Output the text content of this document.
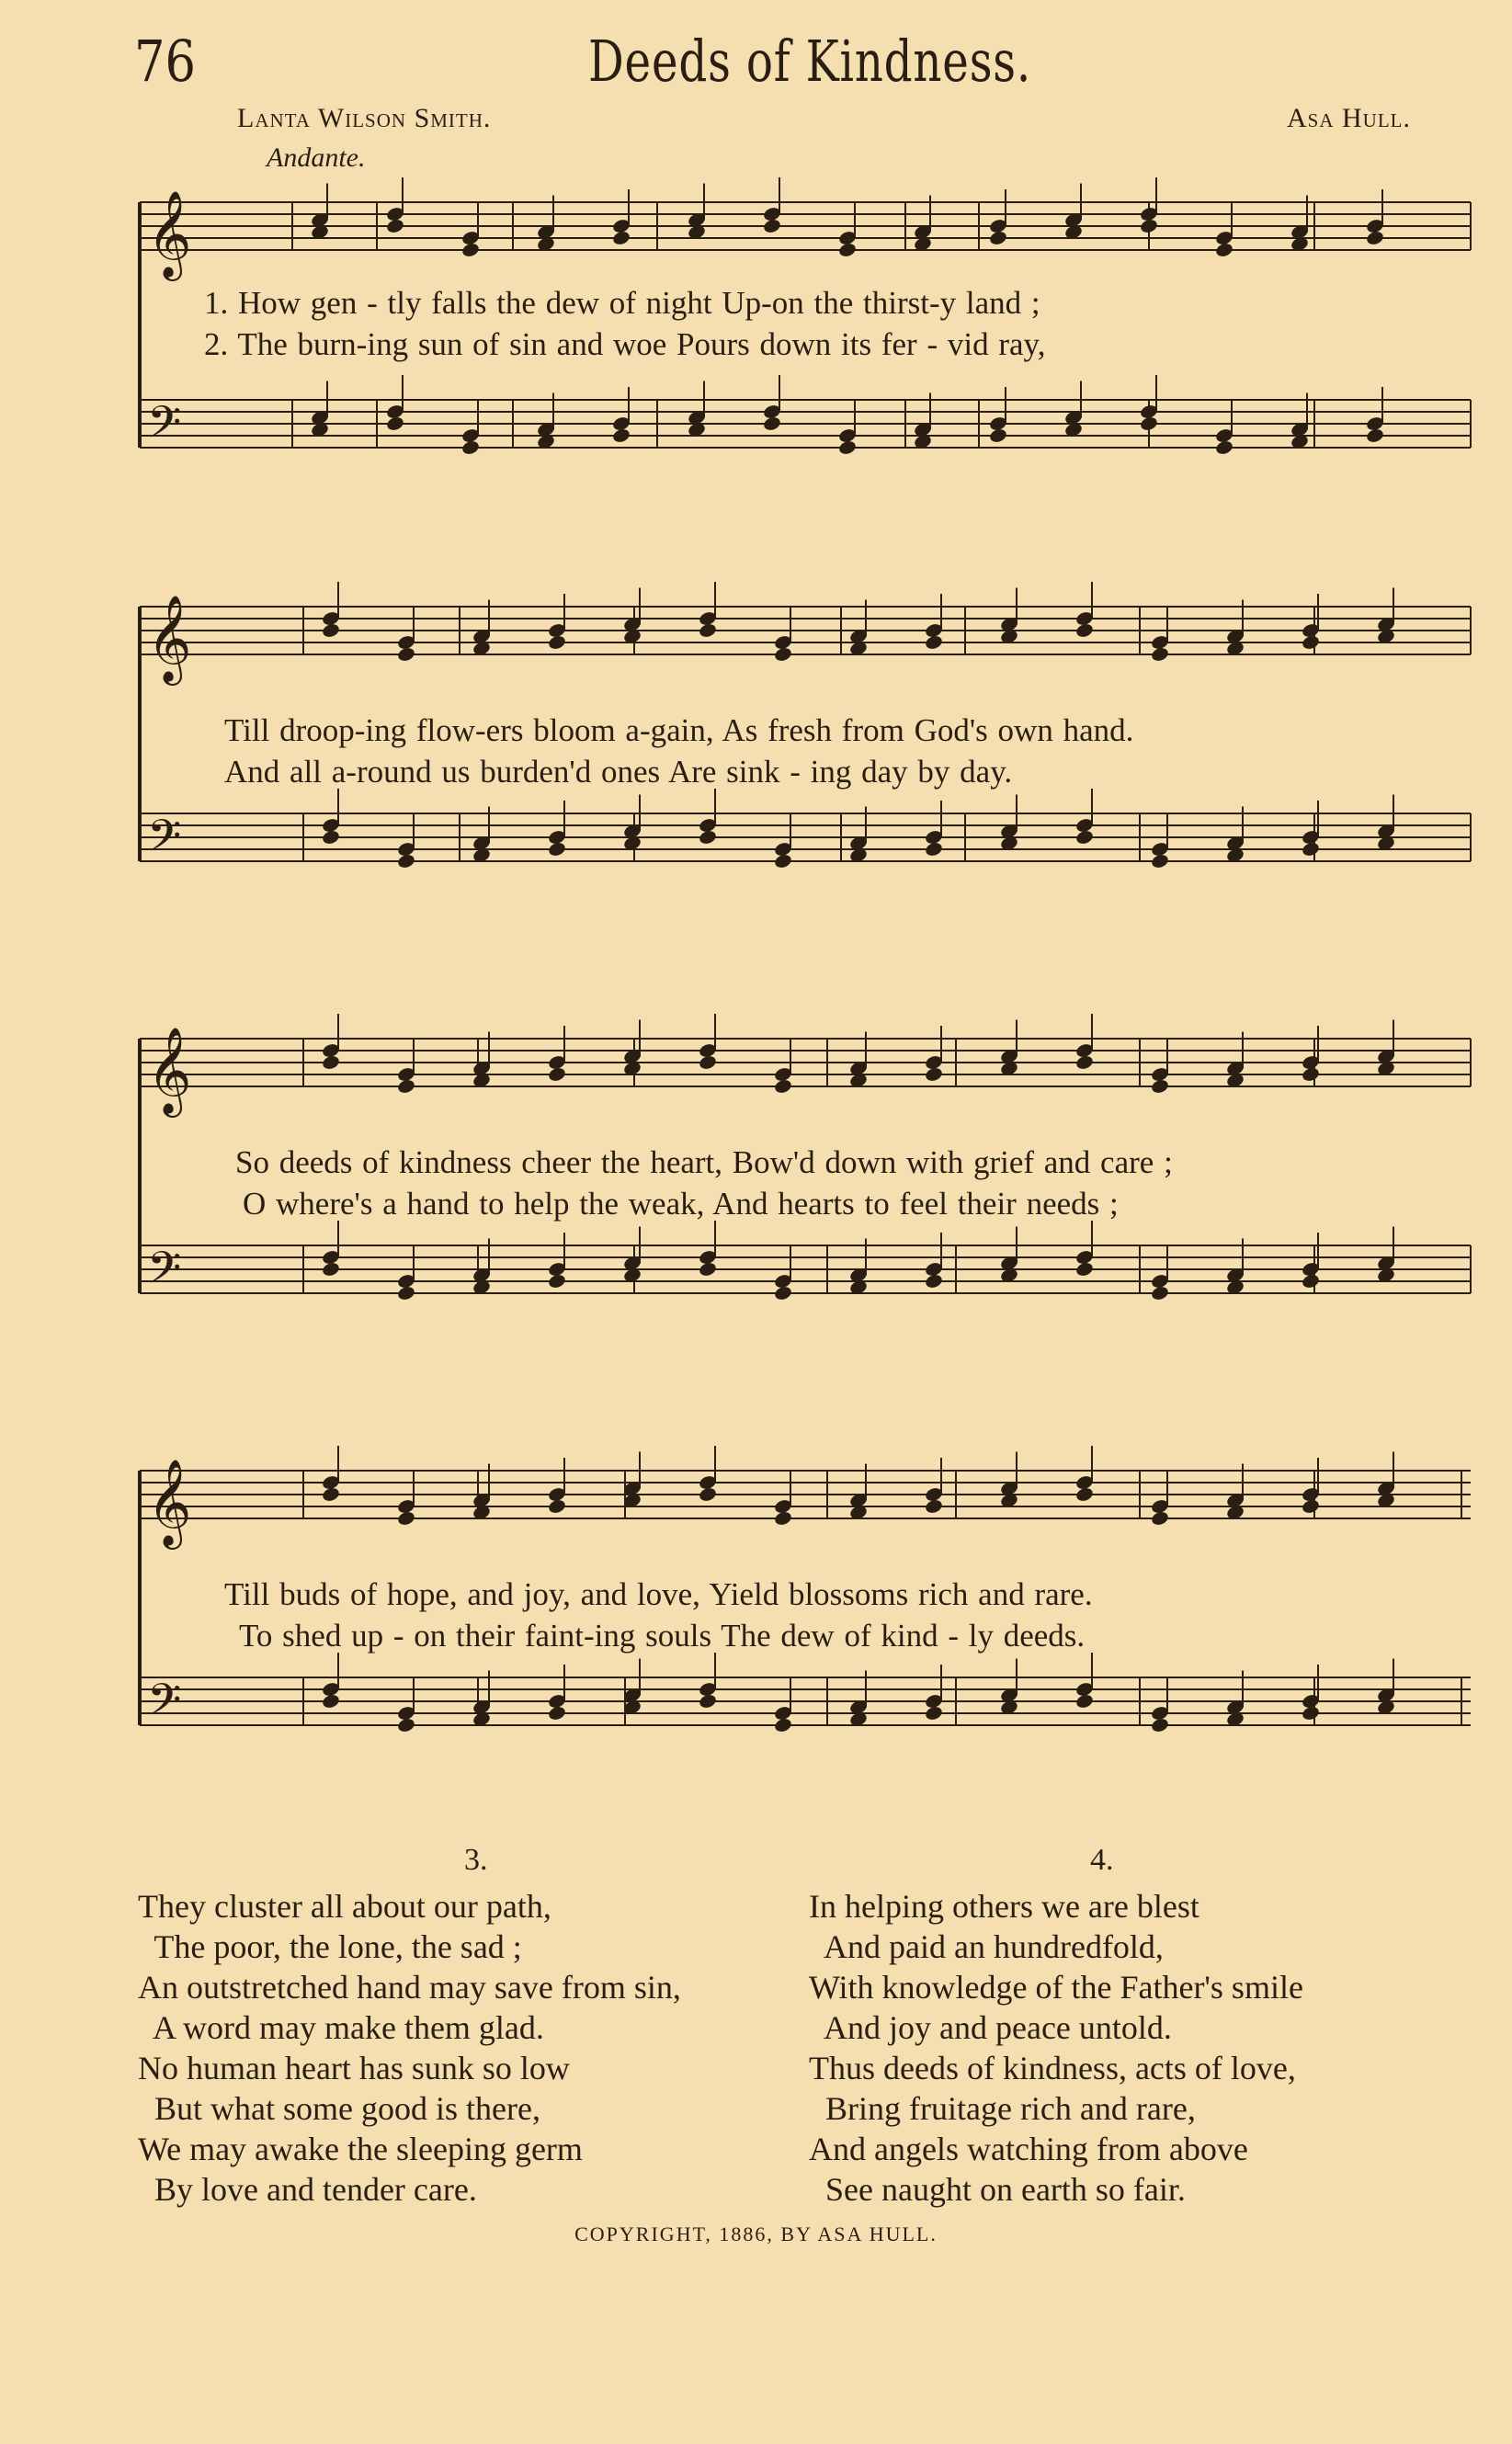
76	Deeds of Kindness.
Lanta Wilson Smith.	Asa Hull.
Andante.
𝄞
𝄢
1. How gen - tly falls the dew of night Up-on the thirst-y land ;
2. The burn-ing sun of sin and woe Pours down its fer - vid ray,
𝄞
𝄢
Till droop-ing flow-ers bloom a-gain, As fresh from God's own hand.
And all a-round us burden'd ones Are sink - ing day by day.
𝄞
𝄢
So deeds of kindness cheer the heart, Bow'd down with grief and care ;
O where's a hand to help the weak, And hearts to feel their needs ;
𝄞
𝄢
Till buds of hope, and joy, and love, Yield blossoms rich and rare.
To shed up - on their faint-ing souls The dew of kind - ly deeds.
3.
They cluster all about our path,
The poor, the lone, the sad ;
An outstretched hand may save from sin,
A word may make them glad.
No human heart has sunk so low
But what some good is there,
We may awake the sleeping germ
By love and tender care.
4.
In helping others we are blest
And paid an hundredfold,
With knowledge of the Father's smile
And joy and peace untold.
Thus deeds of kindness, acts of love,
Bring fruitage rich and rare,
And angels watching from above
See naught on earth so fair.
COPYRIGHT, 1886, BY ASA HULL.
